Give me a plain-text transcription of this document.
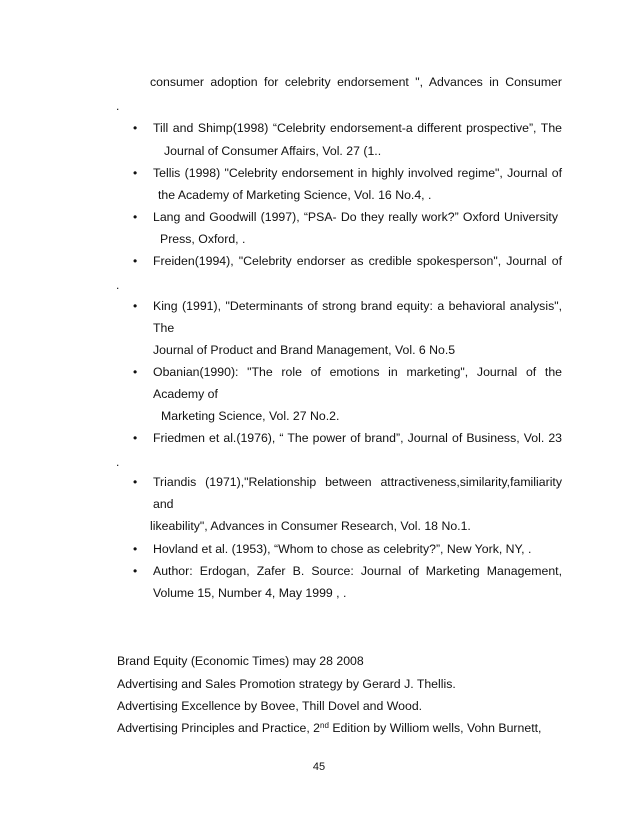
consumer adoption for celebrity endorsement ", Advances in Consumer
.
• Till and Shimp(1998) “Celebrity endorsement-a different prospective”, The
Journal of Consumer Affairs, Vol. 27 (1..
• Tellis (1998) "Celebrity endorsement in highly involved regime", Journal of
the Academy of Marketing Science, Vol. 16 No.4, .
• Lang and Goodwill (1997), “PSA- Do they really work?” Oxford University
Press, Oxford, .
• Freiden(1994), "Celebrity endorser as credible spokesperson", Journal of
.
• King (1991), "Determinants of strong brand equity: a behavioral analysis",
The
Journal of Product and Brand Management, Vol. 6 No.5
• Obanian(1990): "The role of emotions in marketing", Journal of the
Academy of
Marketing Science, Vol. 27 No.2.
• Friedmen et al.(1976), “ The power of brand”, Journal of Business, Vol. 23
.
• Triandis (1971),"Relationship between attractiveness,similarity,familiarity
and
likeability", Advances in Consumer Research, Vol. 18 No.1.
• Hovland et al. (1953), “Whom to chose as celebrity?”, New York, NY, .
• Author: Erdogan, Zafer B. Source: Journal of Marketing Management,
Volume 15, Number 4, May 1999 , .
Brand Equity (Economic Times) may 28 2008
Advertising and Sales Promotion strategy by Gerard J. Thellis.
Advertising Excellence by Bovee, Thill Dovel and Wood.
Advertising Principles and Practice, 2nd Edition by Williom wells, Vohn Burnett,
45
